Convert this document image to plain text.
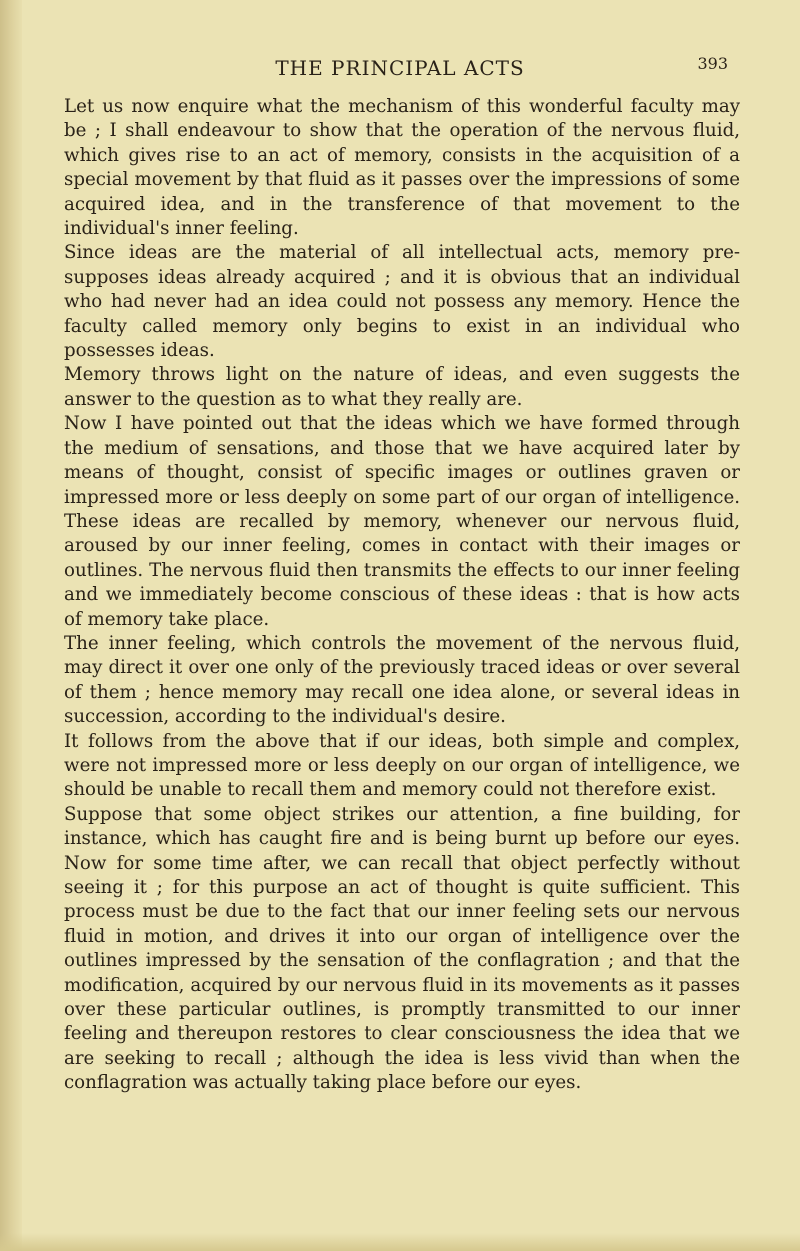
THE PRINCIPAL ACTS	393

Let us now enquire what the mechanism of this wonderful faculty may be ; I shall endeavour to show that the operation of the nervous fluid, which gives rise to an act of memory, consists in the acquisition of a special movement by that fluid as it passes over the impressions of some acquired idea, and in the transference of that movement to the individual's inner feeling.

Since ideas are the material of all intellectual acts, memory pre-supposes ideas already acquired ; and it is obvious that an individual who had never had an idea could not possess any memory. Hence the faculty called memory only begins to exist in an individual who possesses ideas.

Memory throws light on the nature of ideas, and even suggests the answer to the question as to what they really are.

Now I have pointed out that the ideas which we have formed through the medium of sensations, and those that we have acquired later by means of thought, consist of specific images or outlines graven or impressed more or less deeply on some part of our organ of intelligence. These ideas are recalled by memory, whenever our nervous fluid, aroused by our inner feeling, comes in contact with their images or outlines. The nervous fluid then transmits the effects to our inner feeling and we immediately become conscious of these ideas : that is how acts of memory take place.

The inner feeling, which controls the movement of the nervous fluid, may direct it over one only of the previously traced ideas or over several of them ; hence memory may recall one idea alone, or several ideas in succession, according to the individual's desire.

It follows from the above that if our ideas, both simple and complex, were not impressed more or less deeply on our organ of intelligence, we should be unable to recall them and memory could not therefore exist.

Suppose that some object strikes our attention, a fine building, for instance, which has caught fire and is being burnt up before our eyes. Now for some time after, we can recall that object perfectly without seeing it ; for this purpose an act of thought is quite sufficient. This process must be due to the fact that our inner feeling sets our nervous fluid in motion, and drives it into our organ of intelligence over the outlines impressed by the sensation of the conflagration ; and that the modification, acquired by our nervous fluid in its movements as it passes over these particular outlines, is promptly transmitted to our inner feeling and thereupon restores to clear consciousness the idea that we are seeking to recall ; although the idea is less vivid than when the conflagration was actually taking place before our eyes.
